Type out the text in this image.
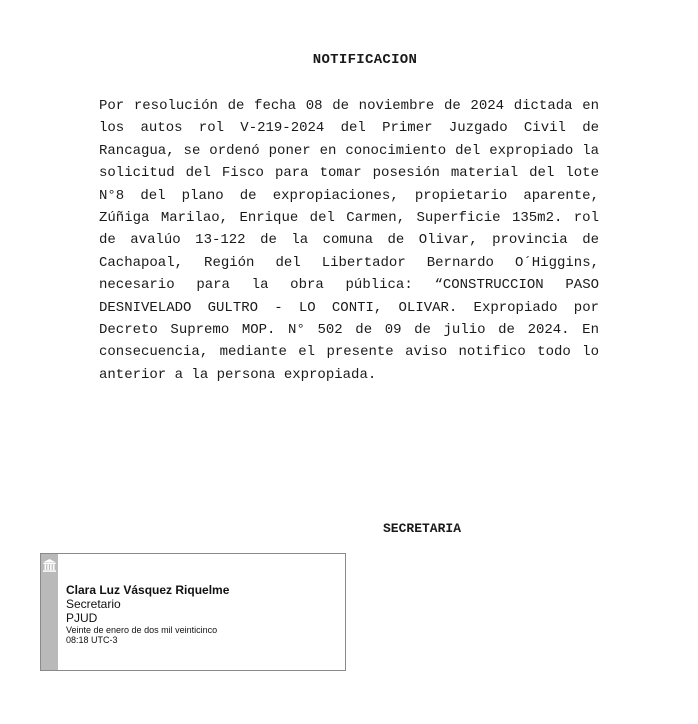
NOTIFICACION
Por resolución de fecha 08 de noviembre de 2024 dictada en
los autos rol V-219-2024 del Primer Juzgado Civil de
Rancagua, se ordenó poner en conocimiento del expropiado la
solicitud del Fisco para tomar posesión material del lote
N°8 del plano de expropiaciones, propietario aparente,
Zúñiga Marilao, Enrique del Carmen, Superficie 135m2. rol
de avalúo 13-122 de la comuna de Olivar, provincia de
Cachapoal, Región del Libertador Bernardo O´Higgins,
necesario para la obra pública: “CONSTRUCCION PASO
DESNIVELADO GULTRO - LO CONTI, OLIVAR. Expropiado por
Decreto Supremo MOP. N° 502 de 09 de julio de 2024. En
consecuencia, mediante el presente aviso notifico todo lo
anterior a la persona expropiada.
SECRETARIA
Clara Luz Vásquez Riquelme
Secretario
PJUD
Veinte de enero de dos mil veinticinco
08:18 UTC-3
